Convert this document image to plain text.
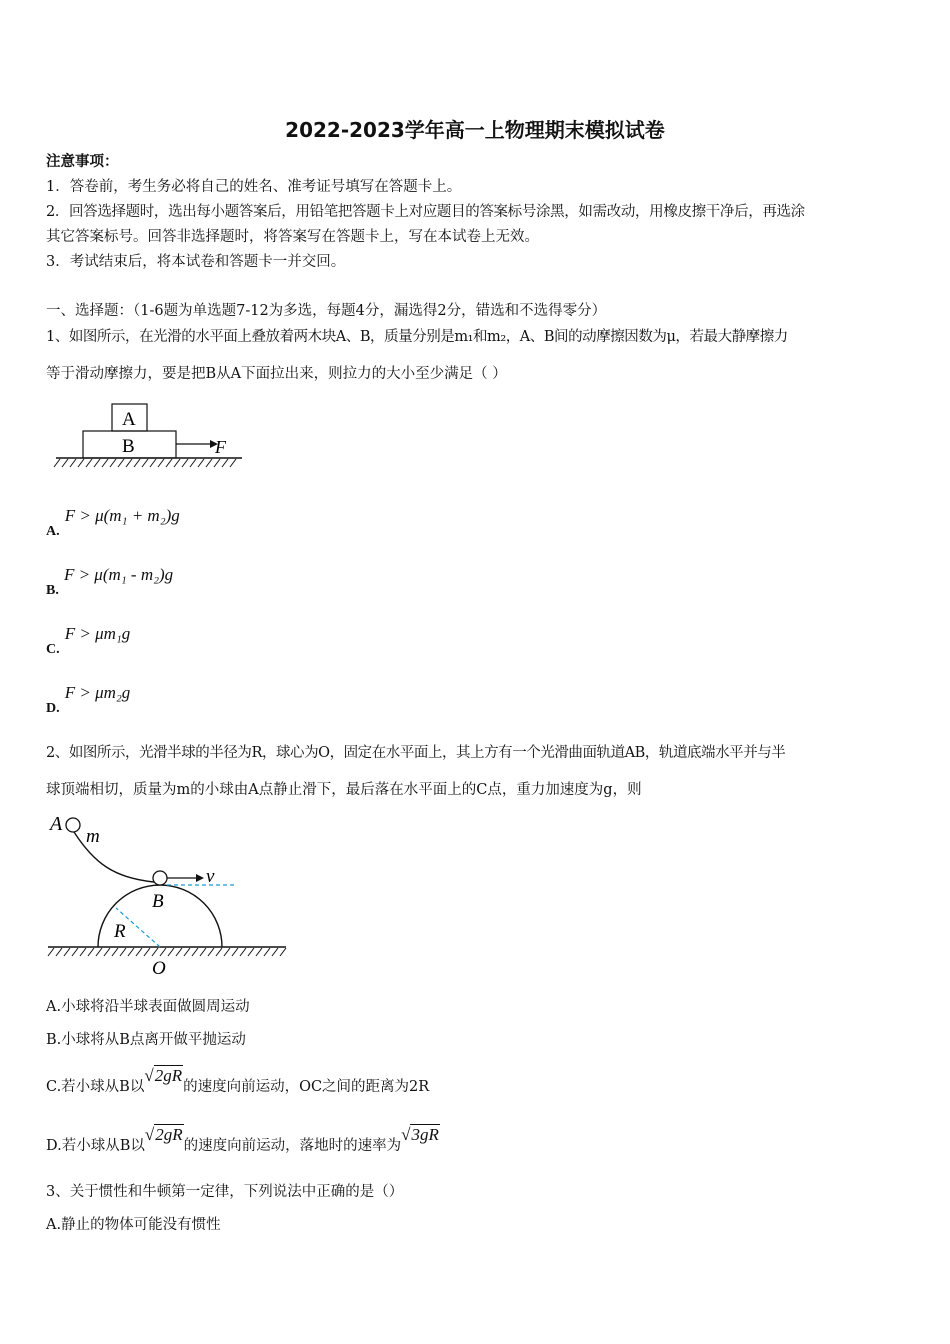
2022-2023学年高一上物理期末模拟试卷
注意事项：
1．答卷前，考生务必将自己的姓名、准考证号填写在答题卡上。
2．回答选择题时，选出每小题答案后，用铅笔把答题卡上对应题目的答案标号涂黑，如需改动，用橡皮擦干净后，再选涂
其它答案标号。回答非选择题时，将答案写在答题卡上，写在本试卷上无效。
3．考试结束后，将本试卷和答题卡一并交回。
一、选择题：（1-6题为单选题7-12为多选，每题4分，漏选得2分，错选和不选得零分）
1、如图所示，在光滑的水平面上叠放着两木块A、B，质量分别是m₁和m₂，A、B间的动摩擦因数为μ，若最大静摩擦力
等于滑动摩擦力，要是把B从A下面拉出来，则拉力的大小至少满足（ ）
A
B	F
A. F > μ(m₁ + m₂)g
B. F > μ(m₁ - m₂)g
C. F > μm₁g
D. F > μm₂g
2、如图所示，光滑半球的半径为R，球心为O，固定在水平面上，其上方有一个光滑曲面轨道AB，轨道底端水平并与半
球顶端相切，质量为m的小球由A点静止滑下，最后落在水平面上的C点，重力加速度为g，则
A
m
v
B
R
O
A.小球将沿半球表面做圆周运动
B.小球将从B点离开做平抛运动
C.若小球从B以√2gR的速度向前运动，OC之间的距离为2R
D.若小球从B以√2gR的速度向前运动，落地时的速率为√3gR
3、关于惯性和牛顿第一定律，下列说法中正确的是（）
A.静止的物体可能没有惯性
